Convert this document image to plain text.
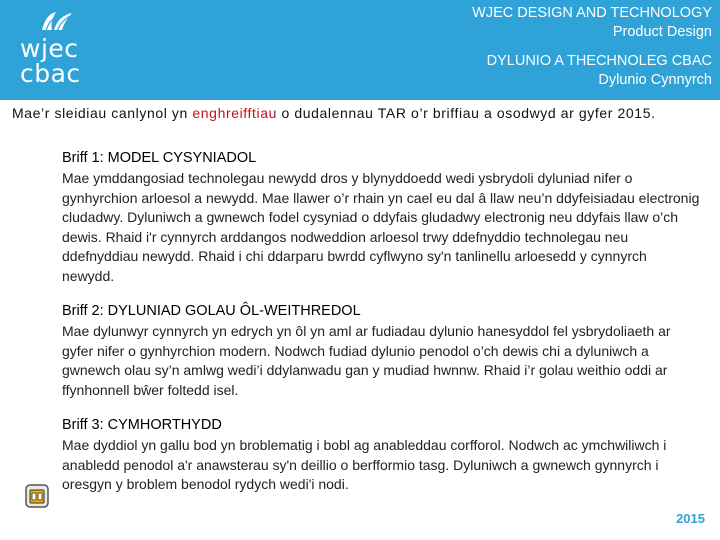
wjec
cbac
WJEC DESIGN AND TECHNOLOGY
Product Design
DYLUNIO A THECHNOLEG CBAC
Dylunio Cynnyrch
Mae’r sleidiau canlynol yn enghreifftiau o dudalennau TAR o’r briffiau a osodwyd ar gyfer 2015.
Briff 1: MODEL CYSYNIADOL

Mae ymddangosiad technolegau newydd dros y blynyddoedd wedi ysbrydoli dyluniad nifer o gynhyrchion arloesol a newydd. Mae llawer o’r rhain yn cael eu dal â llaw neu’n ddyfeisiadau electronig cludadwy. Dyluniwch a gwnewch fodel cysyniad o ddyfais gludadwy electronig neu ddyfais llaw o’ch dewis. Rhaid i'r cynnyrch arddangos nodweddion arloesol trwy ddefnyddio technolegau neu ddefnyddiau newydd. Rhaid i chi ddarparu bwrdd cyflwyno sy'n tanlinellu arloesedd y cynnyrch newydd.

Briff 2: DYLUNIAD GOLAU ÔL-WEITHREDOL

Mae dylunwyr cynnyrch yn edrych yn ôl yn aml ar fudiadau dylunio hanesyddol fel ysbrydoliaeth ar gyfer nifer o gynhyrchion modern. Nodwch fudiad dylunio penodol o’ch dewis chi a dyluniwch a gwnewch olau sy’n amlwg wedi’i ddylanwadu gan y mudiad hwnnw. Rhaid i’r golau weithio oddi ar ffynhonnell bŵer foltedd isel.

Briff 3: CYMHORTHYDD

Mae dyddiol yn gallu bod yn broblematig i bobl ag anableddau corfforol. Nodwch ac ymchwiliwch i anabledd penodol a'r anawsterau sy'n deillio o berfformio tasg. Dyluniwch a gwnewch gynnyrch i oresgyn y broblem benodol rydych wedi'i nodi.

2015
